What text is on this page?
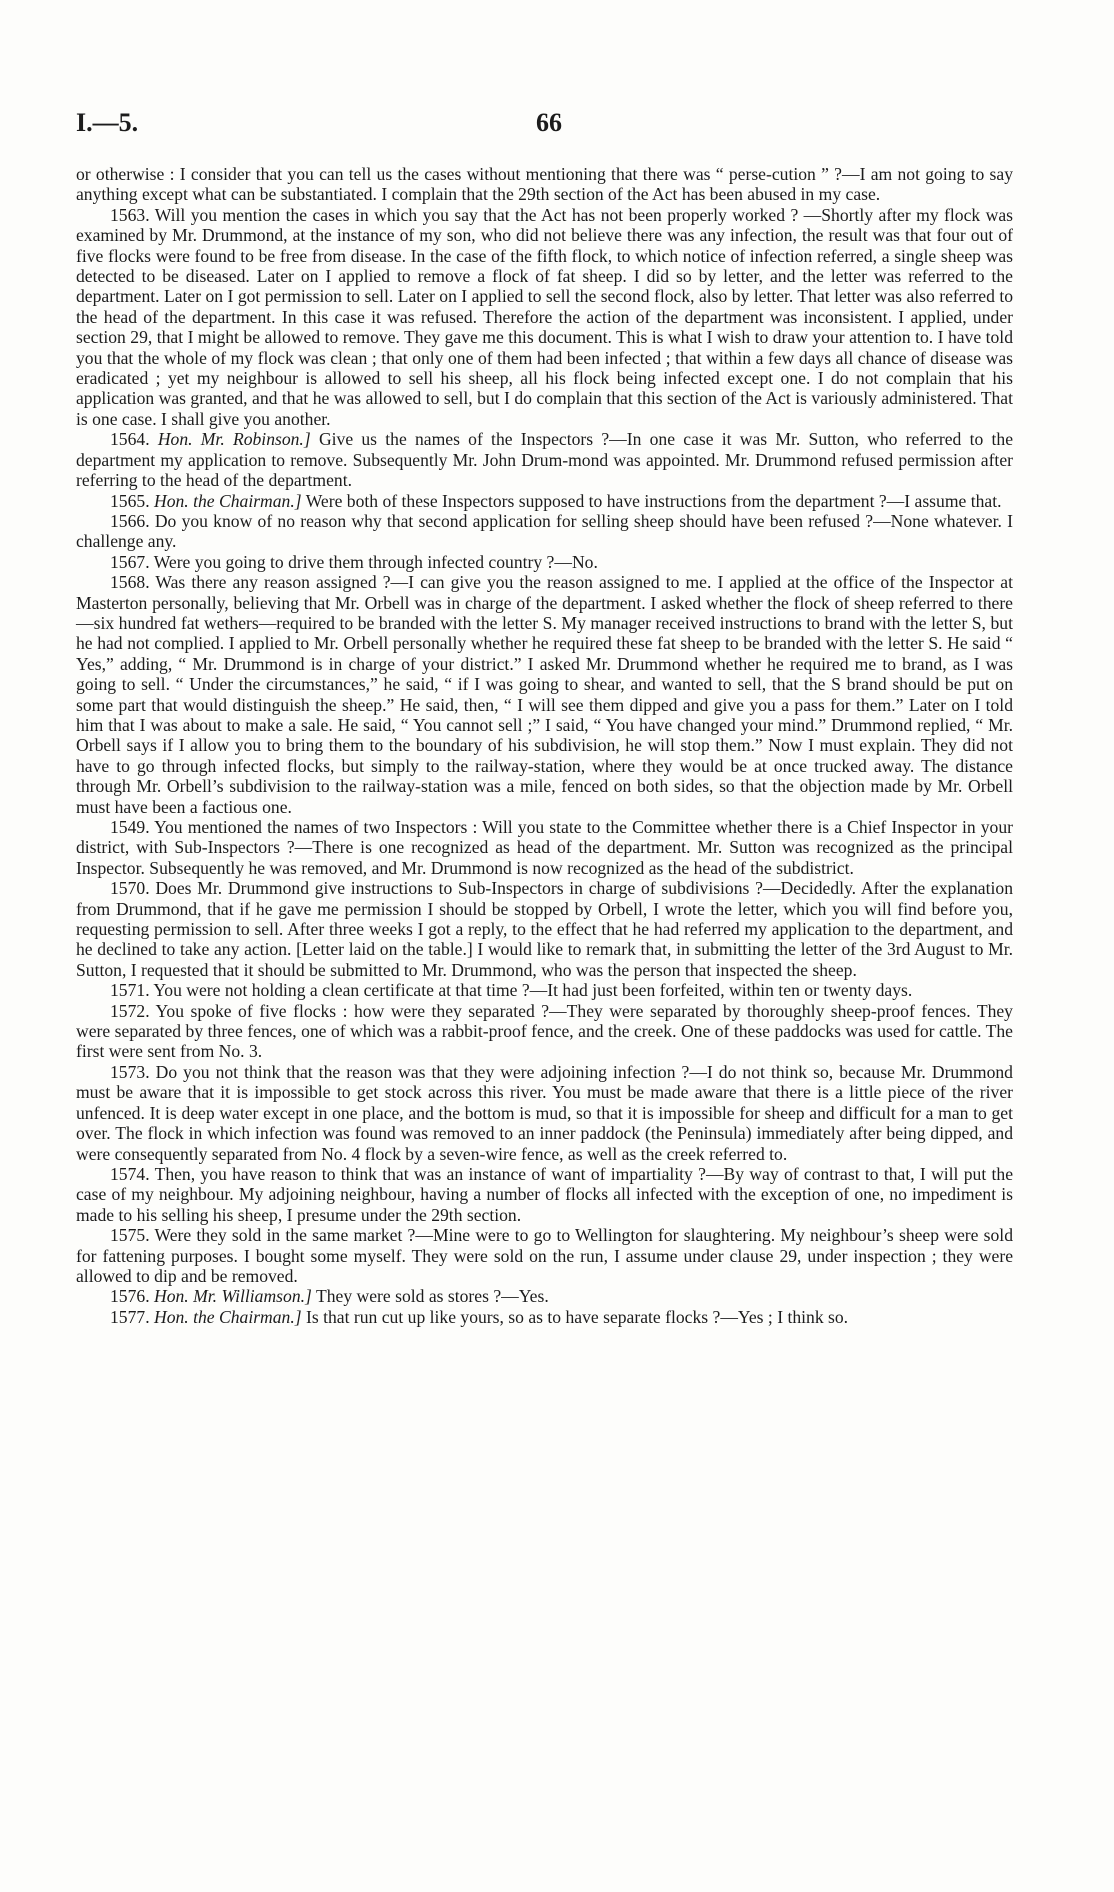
I.—5.	66

or otherwise : I consider that you can tell us the cases without mentioning that there was “ perse-cution ” ?—I am not going to say anything except what can be substantiated. I complain that the 29th section of the Act has been abused in my case.

1563. Will you mention the cases in which you say that the Act has not been properly worked ? —Shortly after my flock was examined by Mr. Drummond, at the instance of my son, who did not believe there was any infection, the result was that four out of five flocks were found to be free from disease. In the case of the fifth flock, to which notice of infection referred, a single sheep was detected to be diseased. Later on I applied to remove a flock of fat sheep. I did so by letter, and the letter was referred to the department. Later on I got permission to sell. Later on I applied to sell the second flock, also by letter. That letter was also referred to the head of the department. In this case it was refused. Therefore the action of the department was inconsistent. I applied, under section 29, that I might be allowed to remove. They gave me this document. This is what I wish to draw your attention to. I have told you that the whole of my flock was clean ; that only one of them had been infected ; that within a few days all chance of disease was eradicated ; yet my neighbour is allowed to sell his sheep, all his flock being infected except one. I do not complain that his application was granted, and that he was allowed to sell, but I do complain that this section of the Act is variously administered. That is one case. I shall give you another.

1564. Hon. Mr. Robinson.] Give us the names of the Inspectors ?—In one case it was Mr. Sutton, who referred to the department my application to remove. Subsequently Mr. John Drum-mond was appointed. Mr. Drummond refused permission after referring to the head of the department.

1565. Hon. the Chairman.] Were both of these Inspectors supposed to have instructions from the department ?—I assume that.

1566. Do you know of no reason why that second application for selling sheep should have been refused ?—None whatever. I challenge any.

1567. Were you going to drive them through infected country ?—No.

1568. Was there any reason assigned ?—I can give you the reason assigned to me. I applied at the office of the Inspector at Masterton personally, believing that Mr. Orbell was in charge of the department. I asked whether the flock of sheep referred to there—six hundred fat wethers—required to be branded with the letter S. My manager received instructions to brand with the letter S, but he had not complied. I applied to Mr. Orbell personally whether he required these fat sheep to be branded with the letter S. He said “ Yes,” adding, “ Mr. Drummond is in charge of your district.” I asked Mr. Drummond whether he required me to brand, as I was going to sell. “ Under the circumstances,” he said, “ if I was going to shear, and wanted to sell, that the S brand should be put on some part that would distinguish the sheep.” He said, then, “ I will see them dipped and give you a pass for them.” Later on I told him that I was about to make a sale. He said, “ You cannot sell ;” I said, “ You have changed your mind.” Drummond replied, “ Mr. Orbell says if I allow you to bring them to the boundary of his subdivision, he will stop them.” Now I must explain. They did not have to go through infected flocks, but simply to the railway-station, where they would be at once trucked away. The distance through Mr. Orbell’s subdivision to the railway-station was a mile, fenced on both sides, so that the objection made by Mr. Orbell must have been a factious one.

1549. You mentioned the names of two Inspectors : Will you state to the Committee whether there is a Chief Inspector in your district, with Sub-Inspectors ?—There is one recognized as head of the department. Mr. Sutton was recognized as the principal Inspector. Subsequently he was removed, and Mr. Drummond is now recognized as the head of the subdistrict.

1570. Does Mr. Drummond give instructions to Sub-Inspectors in charge of subdivisions ?—Decidedly. After the explanation from Drummond, that if he gave me permission I should be stopped by Orbell, I wrote the letter, which you will find before you, requesting permission to sell. After three weeks I got a reply, to the effect that he had referred my application to the department, and he declined to take any action. [Letter laid on the table.] I would like to remark that, in submitting the letter of the 3rd August to Mr. Sutton, I requested that it should be submitted to Mr. Drummond, who was the person that inspected the sheep.

1571. You were not holding a clean certificate at that time ?—It had just been forfeited, within ten or twenty days.

1572. You spoke of five flocks : how were they separated ?—They were separated by thoroughly sheep-proof fences. They were separated by three fences, one of which was a rabbit-proof fence, and the creek. One of these paddocks was used for cattle. The first were sent from No. 3.

1573. Do you not think that the reason was that they were adjoining infection ?—I do not think so, because Mr. Drummond must be aware that it is impossible to get stock across this river. You must be made aware that there is a little piece of the river unfenced. It is deep water except in one place, and the bottom is mud, so that it is impossible for sheep and difficult for a man to get over. The flock in which infection was found was removed to an inner paddock (the Peninsula) immediately after being dipped, and were consequently separated from No. 4 flock by a seven-wire fence, as well as the creek referred to.

1574. Then, you have reason to think that was an instance of want of impartiality ?—By way of contrast to that, I will put the case of my neighbour. My adjoining neighbour, having a number of flocks all infected with the exception of one, no impediment is made to his selling his sheep, I presume under the 29th section.

1575. Were they sold in the same market ?—Mine were to go to Wellington for slaughtering. My neighbour’s sheep were sold for fattening purposes. I bought some myself. They were sold on the run, I assume under clause 29, under inspection ; they were allowed to dip and be removed.

1576. Hon. Mr. Williamson.] They were sold as stores ?—Yes.

1577. Hon. the Chairman.] Is that run cut up like yours, so as to have separate flocks ?—Yes ; I think so.
